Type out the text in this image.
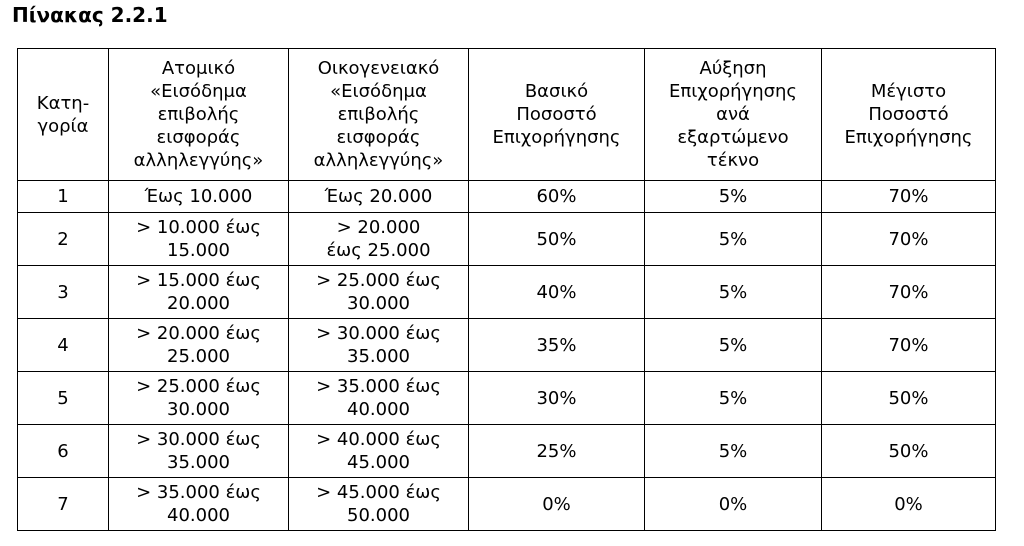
Πίνακας 2.2.1
Κατη-
γορία	Ατομικό
«Εισόδημα
επιβολής
εισφοράς
αλληλεγγύης»	Οικογενειακό
«Εισόδημα
επιβολής
εισφοράς
αλληλεγγύης»	Βασικό
Ποσοστό
Επιχορήγησης	Αύξηση
Επιχορήγησης
ανά
εξαρτώμενο
τέκνο	Μέγιστο
Ποσοστό
Επιχορήγησης
1	Έως 10.000	Έως 20.000	60%	5%	70%
2	> 10.000 έως
15.000	> 20.000
έως 25.000	50%	5%	70%
3	> 15.000 έως
20.000	> 25.000 έως
30.000	40%	5%	70%
4	> 20.000 έως
25.000	> 30.000 έως
35.000	35%	5%	70%
5	> 25.000 έως
30.000	> 35.000 έως
40.000	30%	5%	50%
6	> 30.000 έως
35.000	> 40.000 έως
45.000	25%	5%	50%
7	> 35.000 έως
40.000	> 45.000 έως
50.000	0%	0%	0%
